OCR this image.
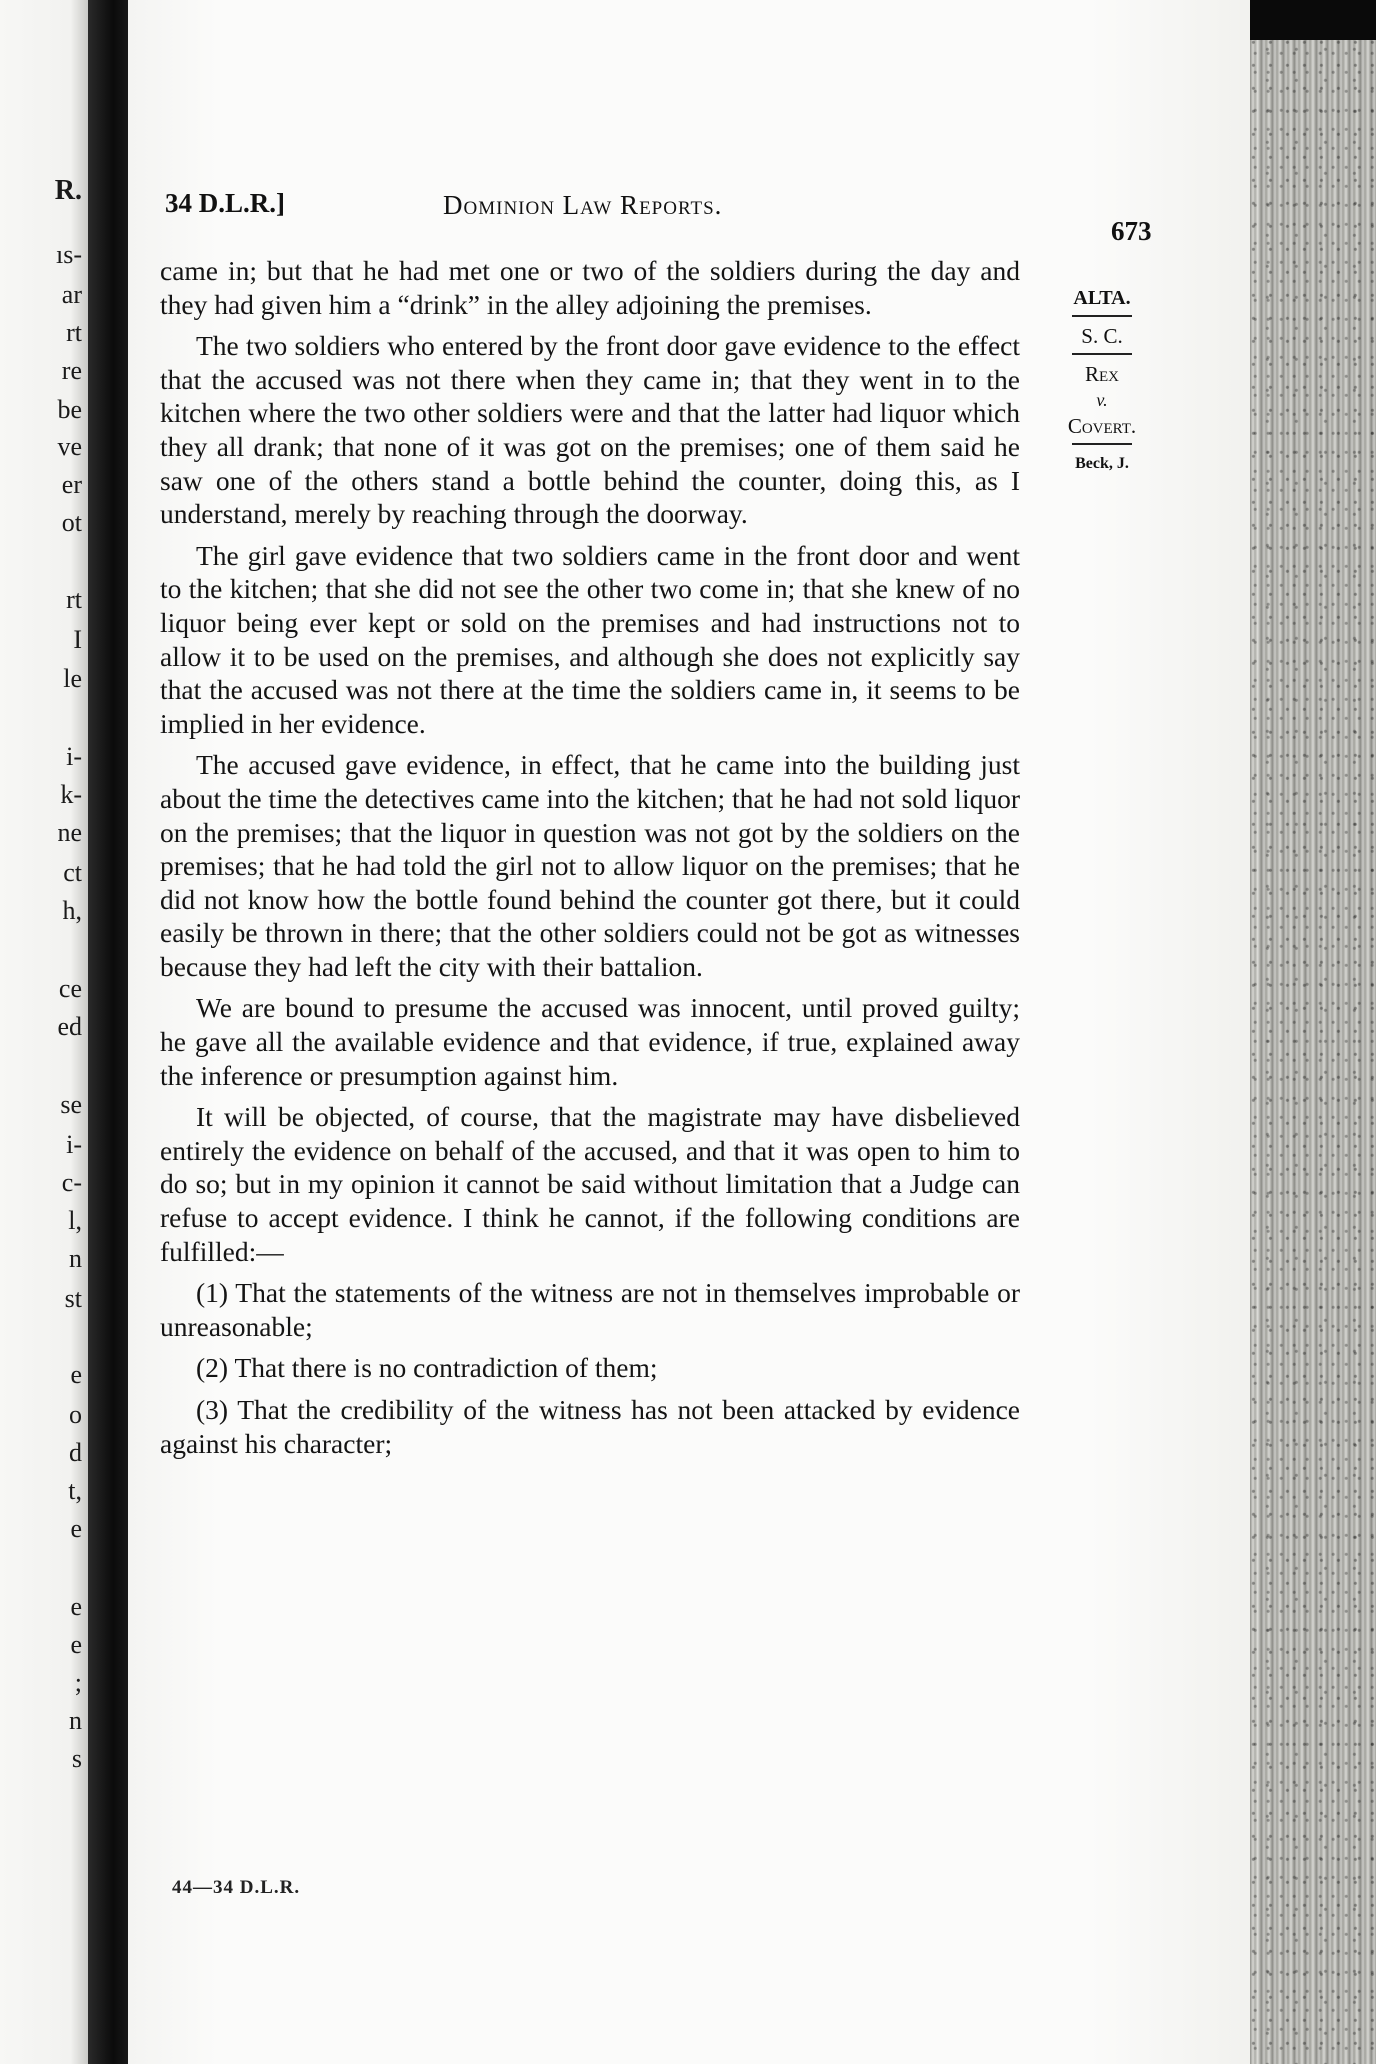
R.
ıs-
ar
rt
re
be
ve
er
ot
rt
I
le
i-
k-
ne
ct
h,
ce
ed
se
i-
c-
l,
n
st
e
o
d
t,
e
e
e
;
n
s
34 D.L.R.]	Dominion Law Reports.
673
ALTA.
S. C.
Rex
v.
Covert.
Beck, J.

came in; but that he had met one or two of the soldiers during the day and they had given him a “drink” in the alley adjoining the premises.

The two soldiers who entered by the front door gave evidence to the effect that the accused was not there when they came in; that they went in to the kitchen where the two other soldiers were and that the latter had liquor which they all drank; that none of it was got on the premises; one of them said he saw one of the others stand a bottle behind the counter, doing this, as I understand, merely by reaching through the doorway.

The girl gave evidence that two soldiers came in the front door and went to the kitchen; that she did not see the other two come in; that she knew of no liquor being ever kept or sold on the premises and had instructions not to allow it to be used on the premises, and although she does not explicitly say that the accused was not there at the time the soldiers came in, it seems to be implied in her evidence.

The accused gave evidence, in effect, that he came into the building just about the time the detectives came into the kitchen; that he had not sold liquor on the premises; that the liquor in question was not got by the soldiers on the premises; that he had told the girl not to allow liquor on the premises; that he did not know how the bottle found behind the counter got there, but it could easily be thrown in there; that the other soldiers could not be got as witnesses because they had left the city with their battalion.

We are bound to presume the accused was innocent, until proved guilty; he gave all the available evidence and that evidence, if true, explained away the inference or presumption against him.

It will be objected, of course, that the magistrate may have disbelieved entirely the evidence on behalf of the accused, and that it was open to him to do so; but in my opinion it cannot be said without limitation that a Judge can refuse to accept evidence. I think he cannot, if the following conditions are fulfilled:—

(1) That the statements of the witness are not in themselves improbable or unreasonable;

(2) That there is no contradiction of them;

(3) That the credibility of the witness has not been attacked by evidence against his character;

44—34 D.L.R.
